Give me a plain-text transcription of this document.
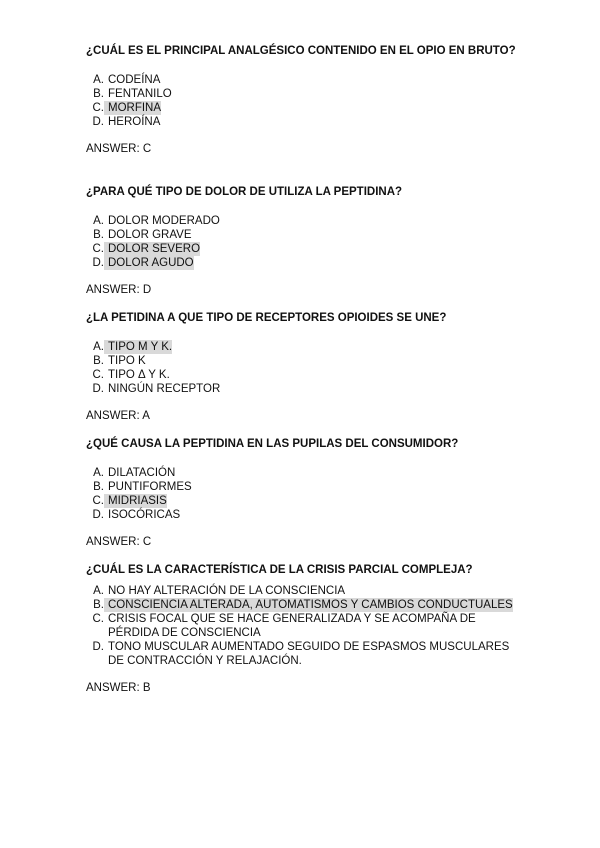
¿CUÁL ES EL PRINCIPAL ANALGÉSICO CONTENIDO EN EL OPIO EN BRUTO?

A. CODEÍNA
B. FENTANILO
C. MORFINA
D. HEROÍNA

ANSWER: C

¿PARA QUÉ TIPO DE DOLOR DE UTILIZA LA PEPTIDINA?

A. DOLOR MODERADO
B. DOLOR GRAVE
C. DOLOR SEVERO
D. DOLOR AGUDO

ANSWER: D

¿LA PETIDINA A QUE TIPO DE RECEPTORES OPIOIDES SE UNE?

A. TIPO M Y K.
B. TIPO K
C. TIPO Δ Y K.
D. NINGÚN RECEPTOR

ANSWER: A

¿QUÉ CAUSA LA PEPTIDINA EN LAS PUPILAS DEL CONSUMIDOR?

A. DILATACIÓN
B. PUNTIFORMES
C. MIDRIASIS
D. ISOCÓRICAS

ANSWER: C

¿CUÁL ES LA CARACTERÍSTICA DE LA CRISIS PARCIAL COMPLEJA?

A. NO HAY ALTERACIÓN DE LA CONSCIENCIA
B. CONSCIENCIA ALTERADA, AUTOMATISMOS Y CAMBIOS CONDUCTUALES
C. CRISIS FOCAL QUE SE HACE GENERALIZADA Y SE ACOMPAÑA DE PÉRDIDA DE CONSCIENCIA
D. TONO MUSCULAR AUMENTADO SEGUIDO DE ESPASMOS MUSCULARES DE CONTRACCIÓN Y RELAJACIÓN.

ANSWER: B
